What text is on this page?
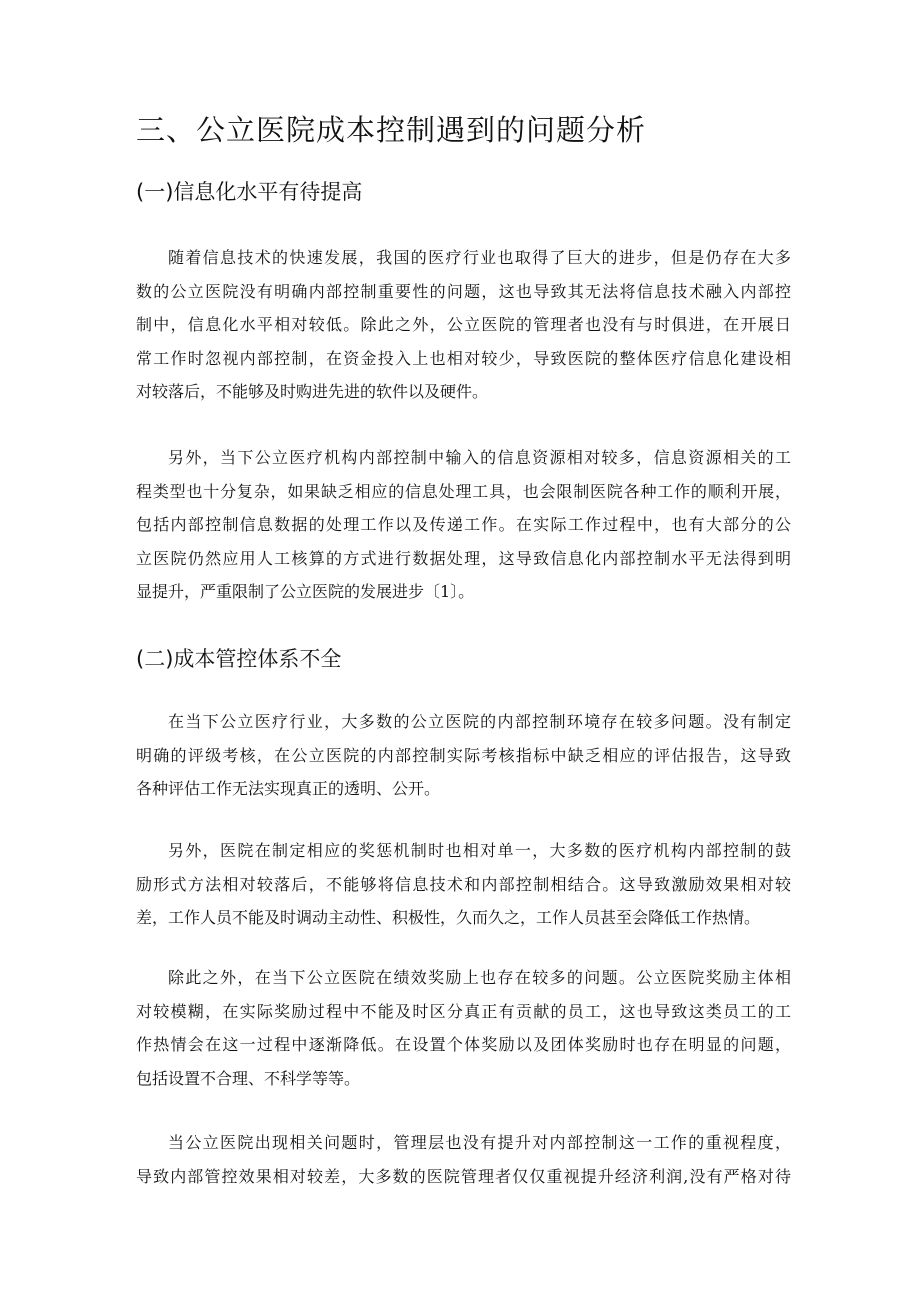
三、公立医院成本控制遇到的问题分析
(一)信息化水平有待提高
随着信息技术的快速发展，我国的医疗行业也取得了巨大的进步，但是仍存在大多
数的公立医院没有明确内部控制重要性的问题，这也导致其无法将信息技术融入内部控
制中，信息化水平相对较低。除此之外，公立医院的管理者也没有与时俱进，在开展日
常工作时忽视内部控制，在资金投入上也相对较少，导致医院的整体医疗信息化建设相
对较落后，不能够及时购进先进的软件以及硬件。
另外，当下公立医疗机构内部控制中输入的信息资源相对较多，信息资源相关的工
程类型也十分复杂，如果缺乏相应的信息处理工具，也会限制医院各种工作的顺利开展，
包括内部控制信息数据的处理工作以及传递工作。在实际工作过程中，也有大部分的公
立医院仍然应用人工核算的方式进行数据处理，这导致信息化内部控制水平无法得到明
显提升，严重限制了公立医院的发展进步〔1〕。
(二)成本管控体系不全
在当下公立医疗行业，大多数的公立医院的内部控制环境存在较多问题。没有制定
明确的评级考核，在公立医院的内部控制实际考核指标中缺乏相应的评估报告，这导致
各种评估工作无法实现真正的透明、公开。
另外，医院在制定相应的奖惩机制时也相对单一，大多数的医疗机构内部控制的鼓
励形式方法相对较落后，不能够将信息技术和内部控制相结合。这导致激励效果相对较
差，工作人员不能及时调动主动性、积极性，久而久之，工作人员甚至会降低工作热情。
除此之外，在当下公立医院在绩效奖励上也存在较多的问题。公立医院奖励主体相
对较模糊，在实际奖励过程中不能及时区分真正有贡献的员工，这也导致这类员工的工
作热情会在这一过程中逐渐降低。在设置个体奖励以及团体奖励时也存在明显的问题，
包括设置不合理、不科学等等。
当公立医院出现相关问题时，管理层也没有提升对内部控制这一工作的重视程度，
导致内部管控效果相对较差，大多数的医院管理者仅仅重视提升经济利润,没有严格对待
